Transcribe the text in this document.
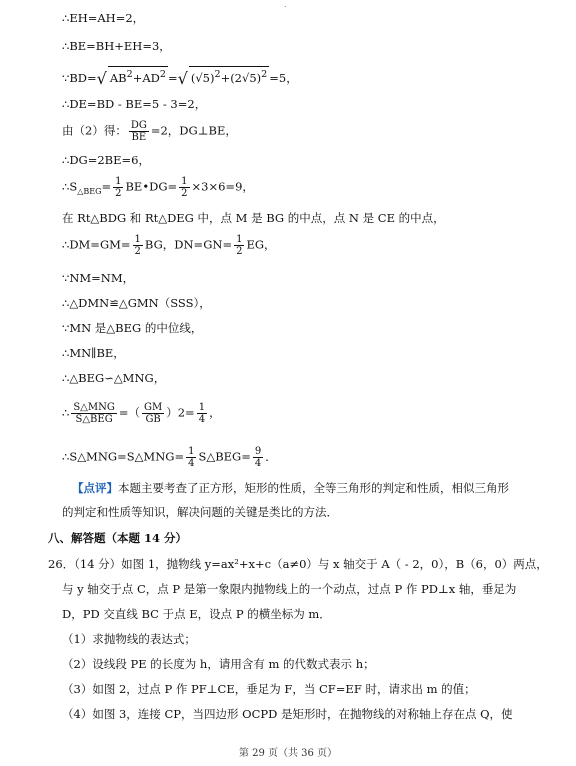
.
∴EH=AH=2，
∴BE=BH+EH=3，
∵BD=√ $AB^2+AD^2$ =√ $(√5)^2+(2√5)^2 =5$，
∴DE=BD - BE=5 - 3=2，
由（2）得： $\frac{DG}{BE} =2$，DG⊥BE，
∴DG=2BE=6，
$\therefore S_{\triangle BEG}= \frac{1}{2}$ BE•DG= $\frac{1}{2} \times 3\times 6=9$，
在 Rt△BDG 和 Rt△DEG 中，点 M 是 BG 的中点，点 N 是 CE 的中点，
∴DM=GM= $\frac{1}{2}$ BG，$DN=GN= \frac{1}{2}$ EG，
∵NM=NM，
∴△DMN≌△GMN（SSS），
∵MN 是△BEG 的中位线，
∴MN∥BE，
∴△BEG∽△MNG，
∴ $\frac{\text{S△MNG}}{\text{S△BEG}}$ =（ $\frac{GM}{GB} )2= \frac{1}{4}$ ，
∴S△MNG=S△MNG= $\frac{1}{4}$ S△BEG= $\frac{9}{4}$ ．
【点评】本题主要考查了正方形，矩形的性质，全等三角形的判定和性质，相似三角形
的判定和性质等知识，解决问题的关键是类比的方法．
八、解答题（本题 14 分）
26．（14 分）如图 1，抛物线 y=ax²+x+c（a≠0）与 x 轴交于 A（ - 2，0），B（6，0）两点，
与 y 轴交于点 C，点 P 是第一象限内抛物线上的一个动点，过点 P 作 PD⊥x 轴，垂足为
D，PD 交直线 BC 于点 E，设点 P 的横坐标为 m．
（1）求抛物线的表达式；
（2）设线段 PE 的长度为 h，请用含有 m 的代数式表示 h；
（3）如图 2，过点 P 作 PF⊥CE，垂足为 F，当 CF=EF 时，请求出 m 的值；
（4）如图 3，连接 CP，当四边形 OCPD 是矩形时，在抛物线的对称轴上存在点 Q，使
第 29 页（共 36 页）
